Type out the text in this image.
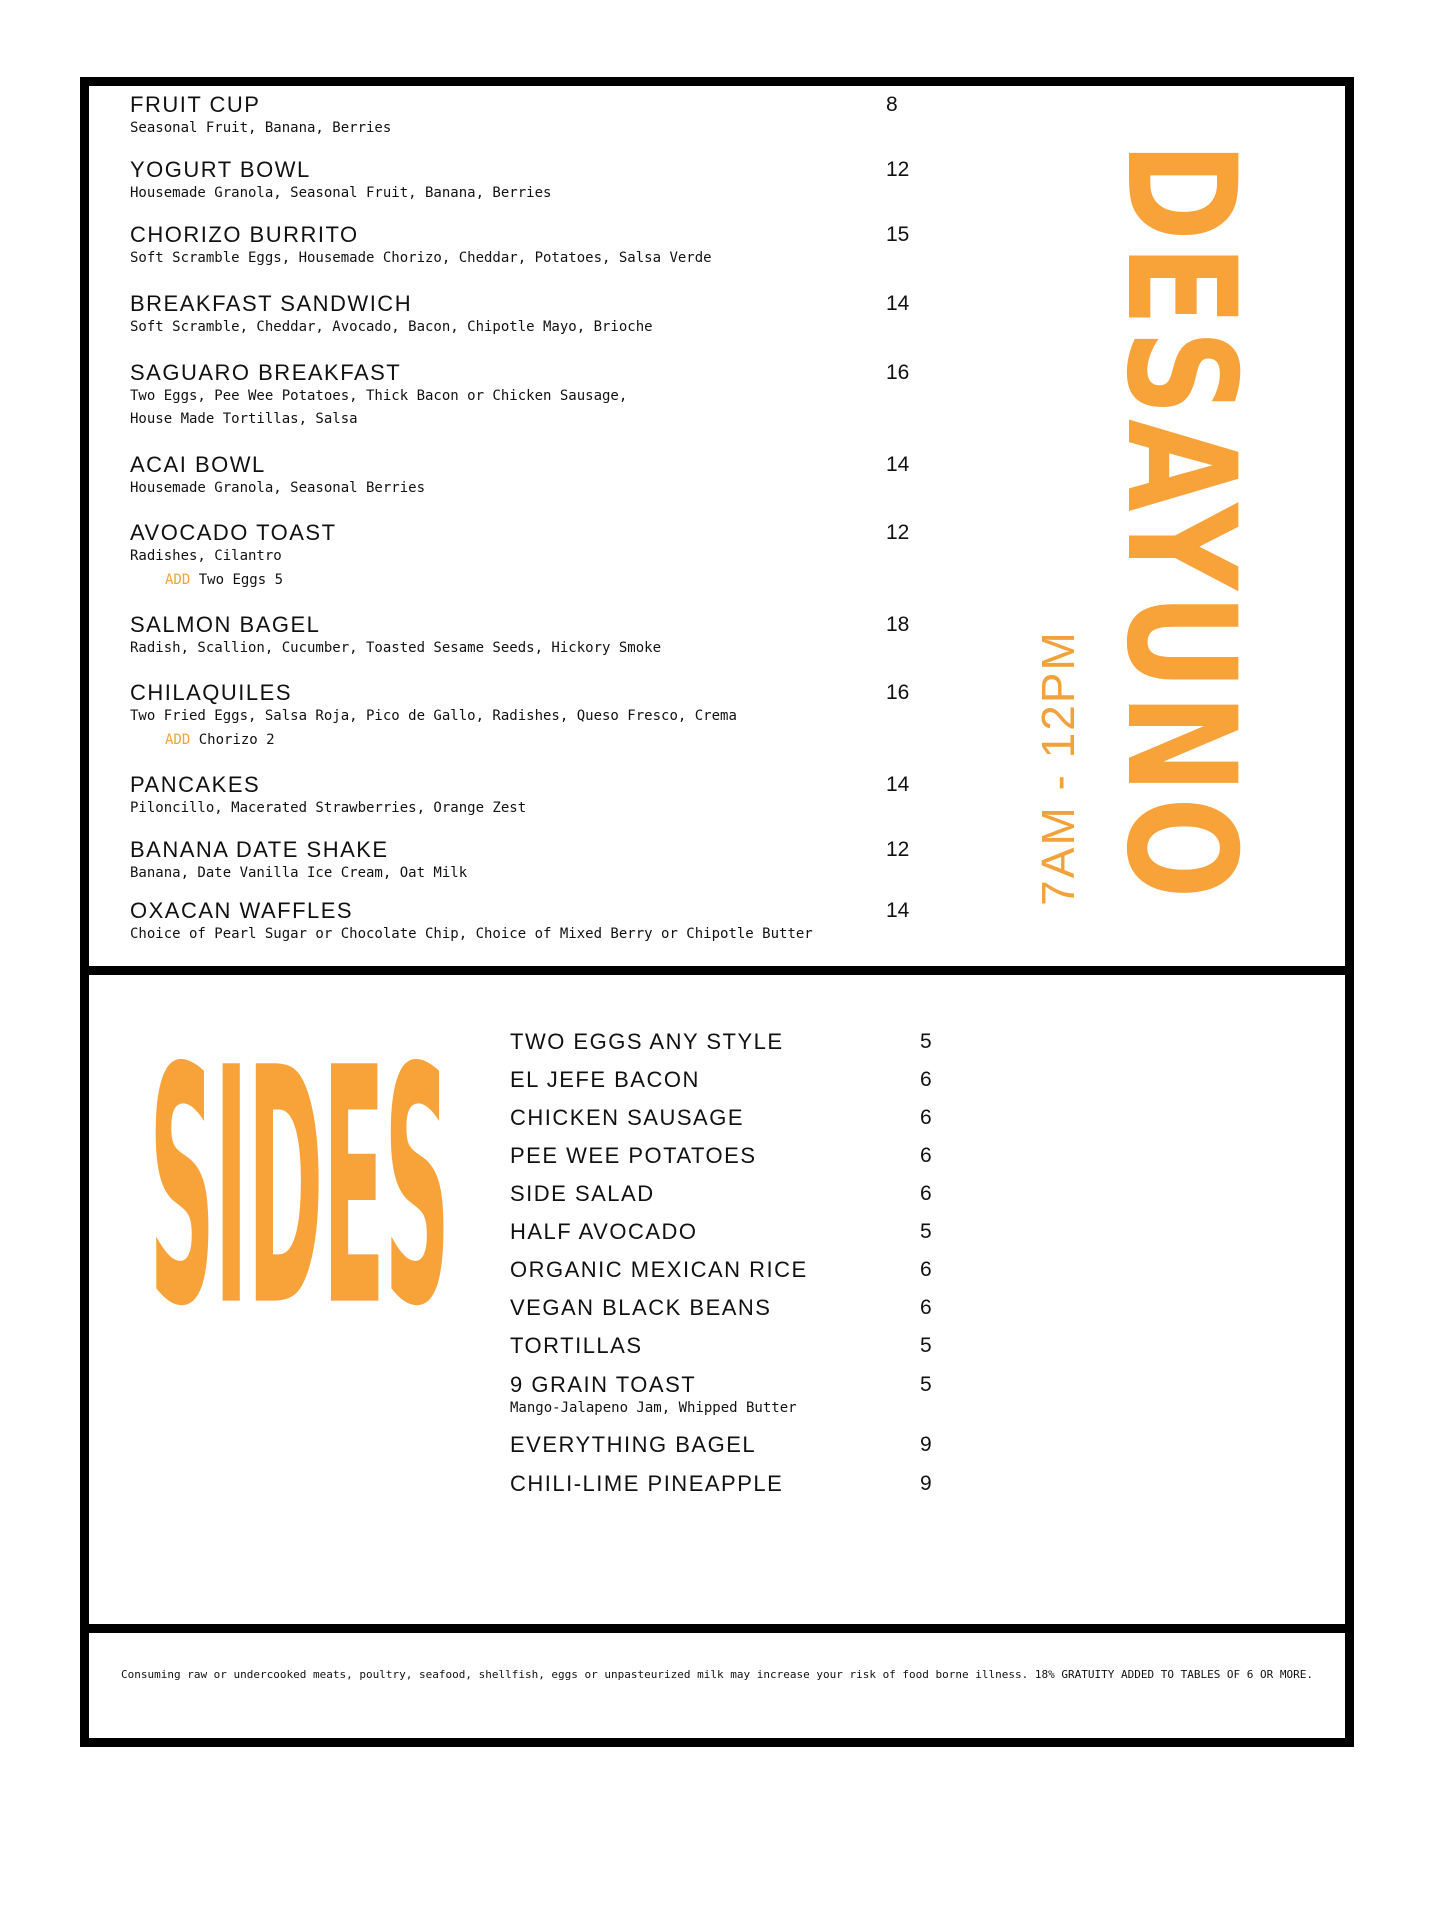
FRUIT CUP	8
Seasonal Fruit, Banana, Berries
YOGURT BOWL	12
Housemade Granola, Seasonal Fruit, Banana, Berries
CHORIZO BURRITO	15
Soft Scramble Eggs, Housemade Chorizo, Cheddar, Potatoes, Salsa Verde
BREAKFAST SANDWICH	14
Soft Scramble, Cheddar, Avocado, Bacon, Chipotle Mayo, Brioche
SAGUARO BREAKFAST	16
Two Eggs, Pee Wee Potatoes, Thick Bacon or Chicken Sausage,
House Made Tortillas, Salsa
ACAI BOWL	14
Housemade Granola, Seasonal Berries
AVOCADO TOAST	12
Radishes, Cilantro
ADD Two Eggs 5
SALMON BAGEL	18
Radish, Scallion, Cucumber, Toasted Sesame Seeds, Hickory Smoke
CHILAQUILES	16
Two Fried Eggs, Salsa Roja, Pico de Gallo, Radishes, Queso Fresco, Crema
ADD Chorizo 2
PANCAKES	14
Piloncillo, Macerated Strawberries, Orange Zest
BANANA DATE SHAKE	12
Banana, Date Vanilla Ice Cream, Oat Milk
OXACAN WAFFLES	14
Choice of Pearl Sugar or Chocolate Chip, Choice of Mixed Berry or Chipotle Butter
DESAYUNO
7AM - 12PM
SIDES	TWO EGGS ANY STYLE	5
EL JEFE BACON	6
CHICKEN SAUSAGE	6
PEE WEE POTATOES	6
SIDE SALAD	6
HALF AVOCADO	5
ORGANIC MEXICAN RICE	6
VEGAN BLACK BEANS	6
TORTILLAS	5
9 GRAIN TOAST	5
Mango-Jalapeno Jam, Whipped Butter
EVERYTHING BAGEL	9
CHILI-LIME PINEAPPLE	9
Consuming raw or undercooked meats, poultry, seafood, shellfish, eggs or unpasteurized milk may increase your risk of food borne illness. 18% GRATUITY ADDED TO TABLES OF 6 OR MORE.
